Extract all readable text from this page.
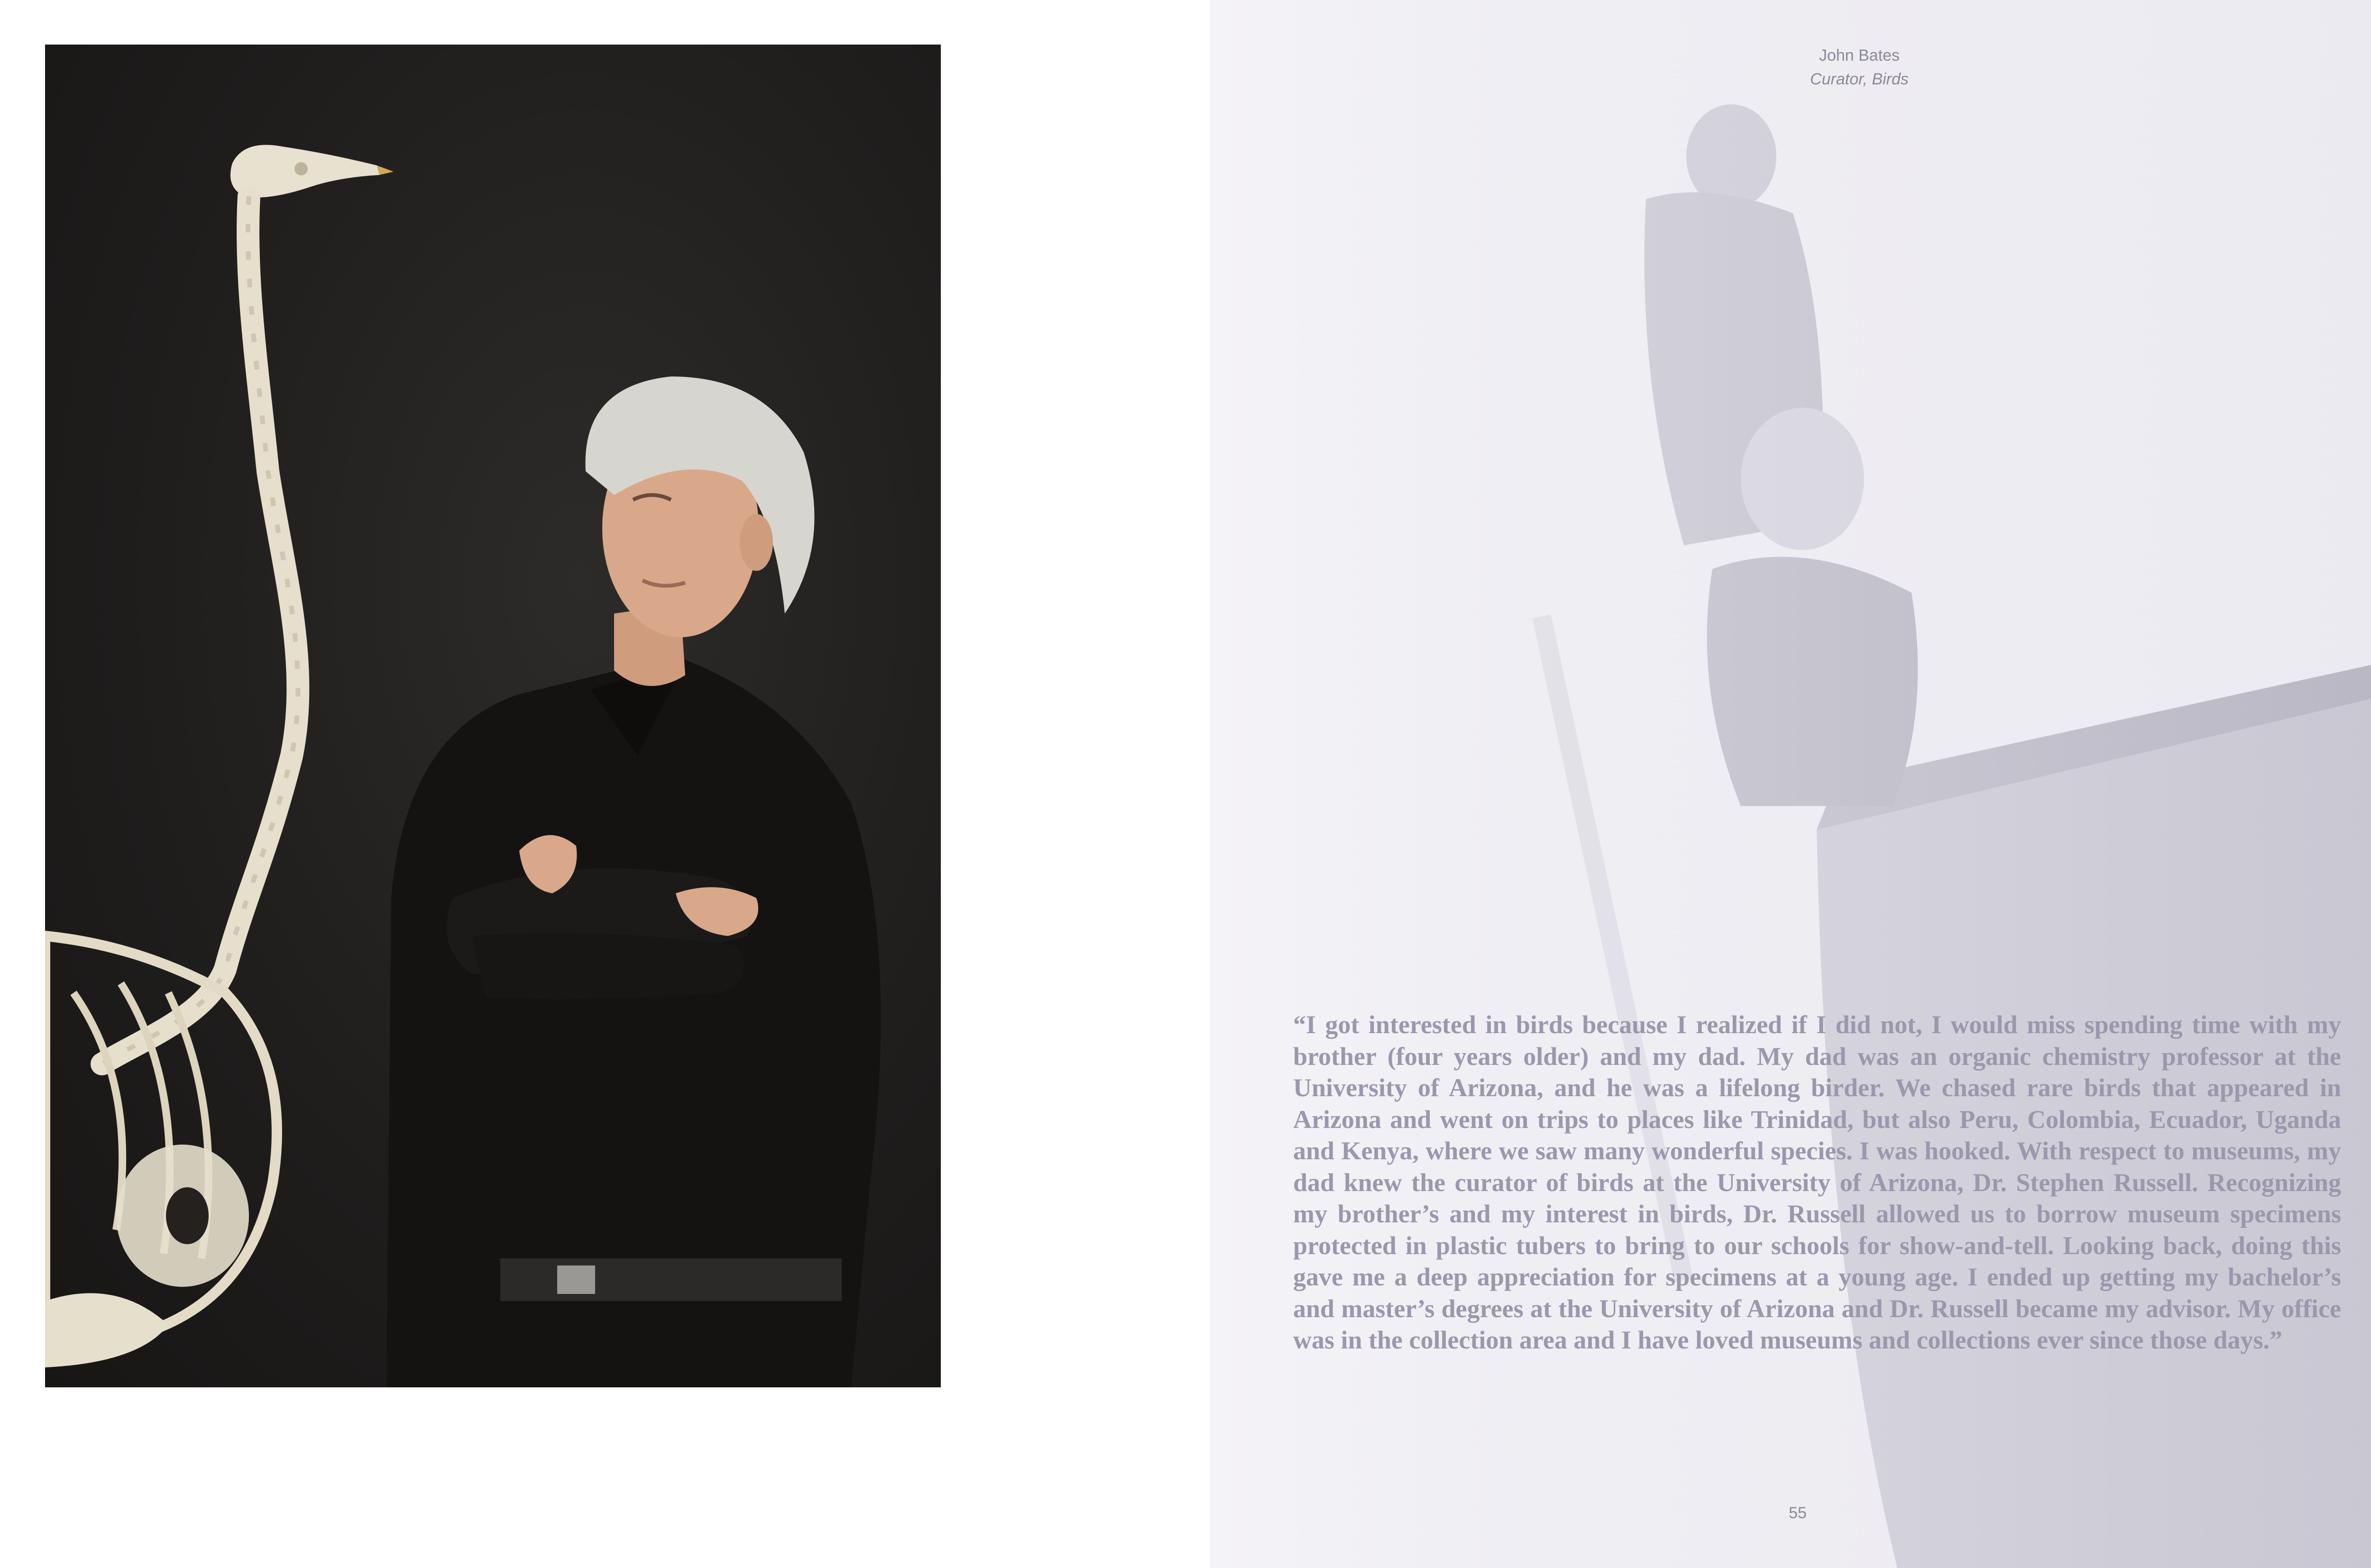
John Bates
Curator, Birds
“I got interested in birds because I realized if I did not, I would miss spending time with my brother (four years older) and my dad. My dad was an organic chemistry professor at the University of Arizona, and he was a lifelong birder. We chased rare birds that appeared in Arizona and went on trips to places like Trinidad, but also Peru, Colombia, Ecuador, Uganda and Kenya, where we saw many wonderful species. I was hooked. With respect to museums, my dad knew the curator of birds at the University of Arizona, Dr. Stephen Russell. Recognizing my brother’s and my interest in birds, Dr. Russell allowed us to borrow museum specimens protected in plastic tubers to bring to our schools for show-and-tell. Looking back, doing this gave me a deep appreciation for specimens at a young age. I ended up getting my bachelor’s and master’s degrees at the University of Arizona and Dr. Russell became my advisor. My office was in the collection area and I have loved museums and collections ever since those days.”
55
